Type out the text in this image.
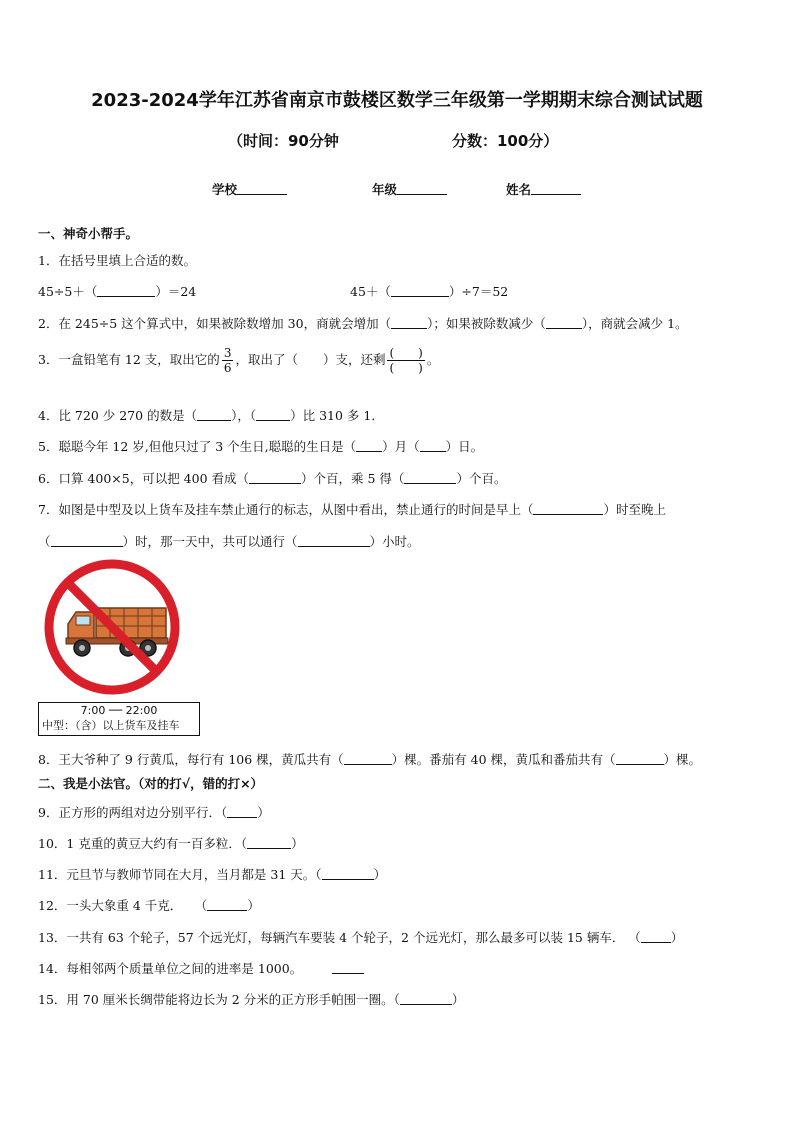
2023-2024学年江苏省南京市鼓楼区数学三年级第一学期期末综合测试试题
（时间：90分钟	分数：100分）
学校	年级	姓名
一、神奇小帮手。
1．在括号里填上合适的数。
45÷5＋（	）＝24	45＋（	）÷7＝52
2．在 245÷5 这个算式中，如果被除数增加 30，商就会增加（	）；如果被除数减少（	），商就会减少 1。
3．一盒铅笔有 12 支，取出它的 $\frac{3}{6}$ ，取出了（　　）支，还剩 $\frac{( )}{( )}$ 。
4．比 720 少 270 的数是（	），（	）比 310 多 1．
5．聪聪今年 12 岁,但他只过了 3 个生日,聪聪的生日是（ ）月（ ）日。
6．口算 400×5，可以把 400 看成（	）个百，乘 5 得（	）个百。
7．如图是中型及以上货车及挂车禁止通行的标志，从图中看出，禁止通行的时间是早上（	）时至晚上
（	）时，那一天中，共可以通行（	）小时。
7:00 ── 22:00
中型：（含）以上货车及挂车
8．王大爷种了 9 行黄瓜，每行有 106 棵，黄瓜共有（	）棵。番茄有 40 棵，黄瓜和番茄共有（	）棵。
二、我是小法官。（对的打√，错的打×）
9．正方形的两组对边分别平行．（ ）
10．1 克重的黄豆大约有一百多粒．（	）
11．元旦节与教师节同在大月，当月都是 31 天。（	）
12．一头大象重 4 千克．　　（	）
13．一共有 63 个轮子，57 个远光灯，每辆汽车要装 4 个轮子，2 个远光灯，那么最多可以装 15 辆车． （ ）
14．每相邻两个质量单位之间的进率是 1000。
15．用 70 厘米长绸带能将边长为 2 分米的正方形手帕围一圈。（	）
